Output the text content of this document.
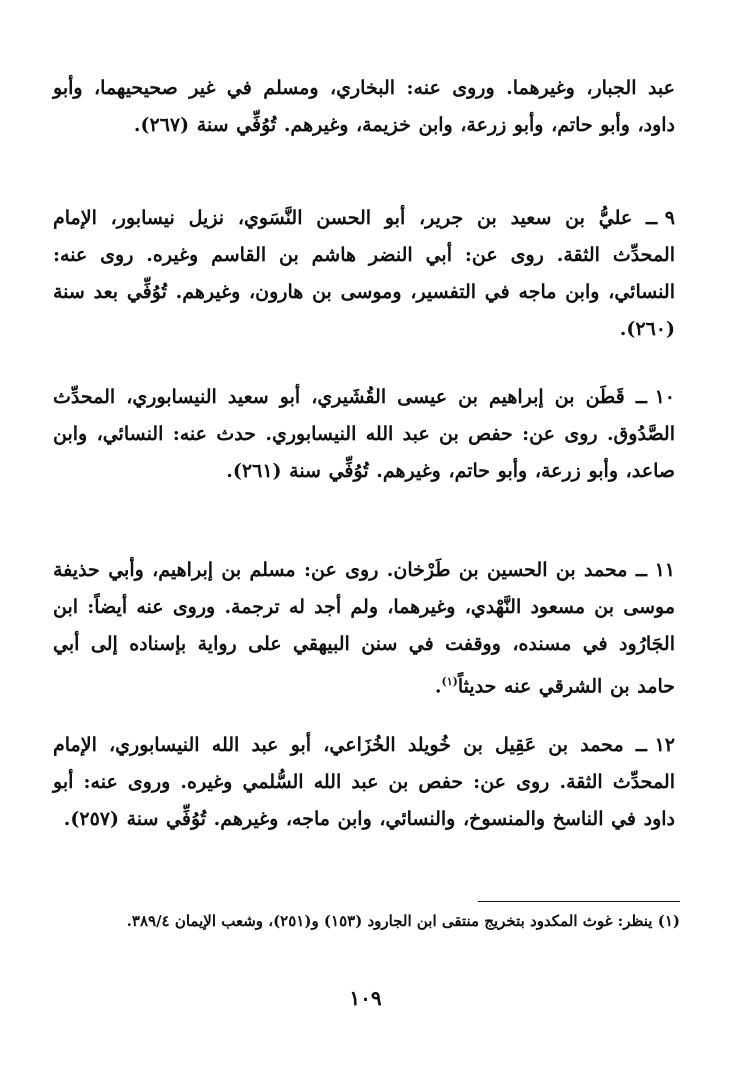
عبد الجبار، وغيرهما. وروى عنه: البخاري، ومسلم في غير صحيحيهما، وأبو داود، وأبو حاتم، وأبو زرعة، وابن خزيمة، وغيرهم. تُوُفِّي سنة (٢٦٧).

٩ ــ عليُّ بن سعيد بن جرير، أبو الحسن النَّسَوي، نزيل نيسابور، الإمام المحدِّث الثقة. روى عن: أبي النضر هاشم بن القاسم وغيره. روى عنه: النسائي، وابن ماجه في التفسير، وموسى بن هارون، وغيرهم. تُوُفِّي بعد سنة (٢٦٠).

١٠ ــ قَطَن بن إبراهيم بن عيسى القُشَيري، أبو سعيد النيسابوري، المحدِّث الصَّدُوق. روى عن: حفص بن عبد الله النيسابوري. حدث عنه: النسائي، وابن صاعد، وأبو زرعة، وأبو حاتم، وغيرهم. تُوُفِّي سنة (٢٦١).

١١ ــ محمد بن الحسين بن طَرْخان. روى عن: مسلم بن إبراهيم، وأبي حذيفة موسى بن مسعود النَّهْدي، وغيرهما، ولم أجد له ترجمة. وروى عنه أيضاً: ابن الجَارُود في مسنده، ووقفت في سنن البيهقي على رواية بإسناده إلى أبي حامد بن الشرقي عنه حديثاً$^{(١)}$.

١٢ ــ محمد بن عَقِيل بن خُويلد الخُزَاعي، أبو عبد الله النيسابوري، الإمام المحدِّث الثقة. روى عن: حفص بن عبد الله السُّلمي وغيره. وروى عنه: أبو داود في الناسخ والمنسوخ، والنسائي، وابن ماجه، وغيرهم. تُوُفِّي سنة (٢٥٧).

(١) ينظر: غوث المكدود بتخريج منتقى ابن الجارود (١٥٣) و(٢٥١)، وشعب الإيمان ٣٨٩/٤.
١٠٩
